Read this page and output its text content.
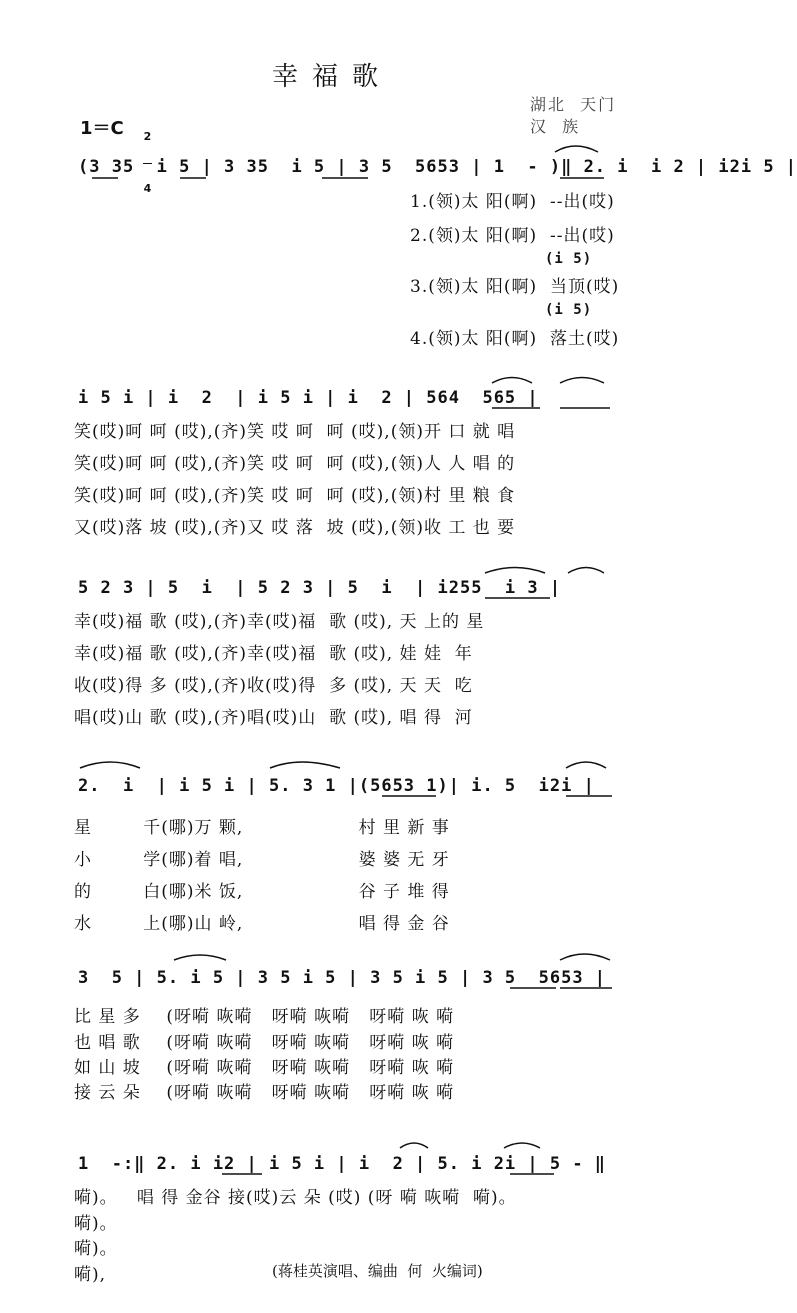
幸福歌
湖北  天门
汉  族
1＝C

2

4

(3 35  i 5 | 3 35  i 5 | 3 5  5653 | 1  - )‖ 2. i  i 2 | i2i 5 |
1.(领)太 阳(啊)  --出(哎)
2.(领)太 阳(啊)  --出(哎)
(i 5)
3.(领)太 阳(啊)  当顶(哎)
(i 5)
4.(领)太 阳(啊)  落土(哎)
i 5 i | i  2  | i 5 i | i  2 | 564  565 |
笑(哎)呵 呵 (哎),(齐)笑 哎 呵  呵 (哎),(领)开 口 就 唱
笑(哎)呵 呵 (哎),(齐)笑 哎 呵  呵 (哎),(领)人 人 唱 的
笑(哎)呵 呵 (哎),(齐)笑 哎 呵  呵 (哎),(领)村 里 粮 食
又(哎)落 坡 (哎),(齐)又 哎 落  坡 (哎),(领)收 工 也 要
5 2 3 | 5  i  | 5 2 3 | 5  i  | i255  i 3 |
幸(哎)福 歌 (哎),(齐)幸(哎)福  歌 (哎), 天 上的 星
幸(哎)福 歌 (哎),(齐)幸(哎)福  歌 (哎), 娃 娃  年
收(哎)得 多 (哎),(齐)收(哎)得  多 (哎), 天 天  吃
唱(哎)山 歌 (哎),(齐)唱(哎)山  歌 (哎), 唱 得  河
2.  i  | i 5 i | 5. 3 1 |(5653 1)| i. 5  i2i |
星        千(哪)万 颗,                  村 里 新 事
小        学(哪)着 唱,                  婆 婆 无 牙
的        白(哪)米 饭,                  谷 子 堆 得
水        上(哪)山 岭,                  唱 得 金 谷
3  5 | 5. i 5 | 3 5 i 5 | 3 5 i 5 | 3 5  5653 |
比 星 多    (呀嗬 咴嗬   呀嗬 咴嗬   呀嗬 咴 嗬
也 唱 歌    (呀嗬 咴嗬   呀嗬 咴嗬   呀嗬 咴 嗬
如 山 坡    (呀嗬 咴嗬   呀嗬 咴嗬   呀嗬 咴 嗬
接 云 朵    (呀嗬 咴嗬   呀嗬 咴嗬   呀嗬 咴 嗬
1  -:‖ 2. i i2 | i 5 i | i  2 | 5. i 2i | 5 - ‖
嗬)。   唱 得 金谷 接(哎)云 朵 (哎) (呀 嗬 咴嗬  嗬)。
嗬)。
嗬)。
嗬),	(蒋桂英演唱、编曲  何  火编词)
